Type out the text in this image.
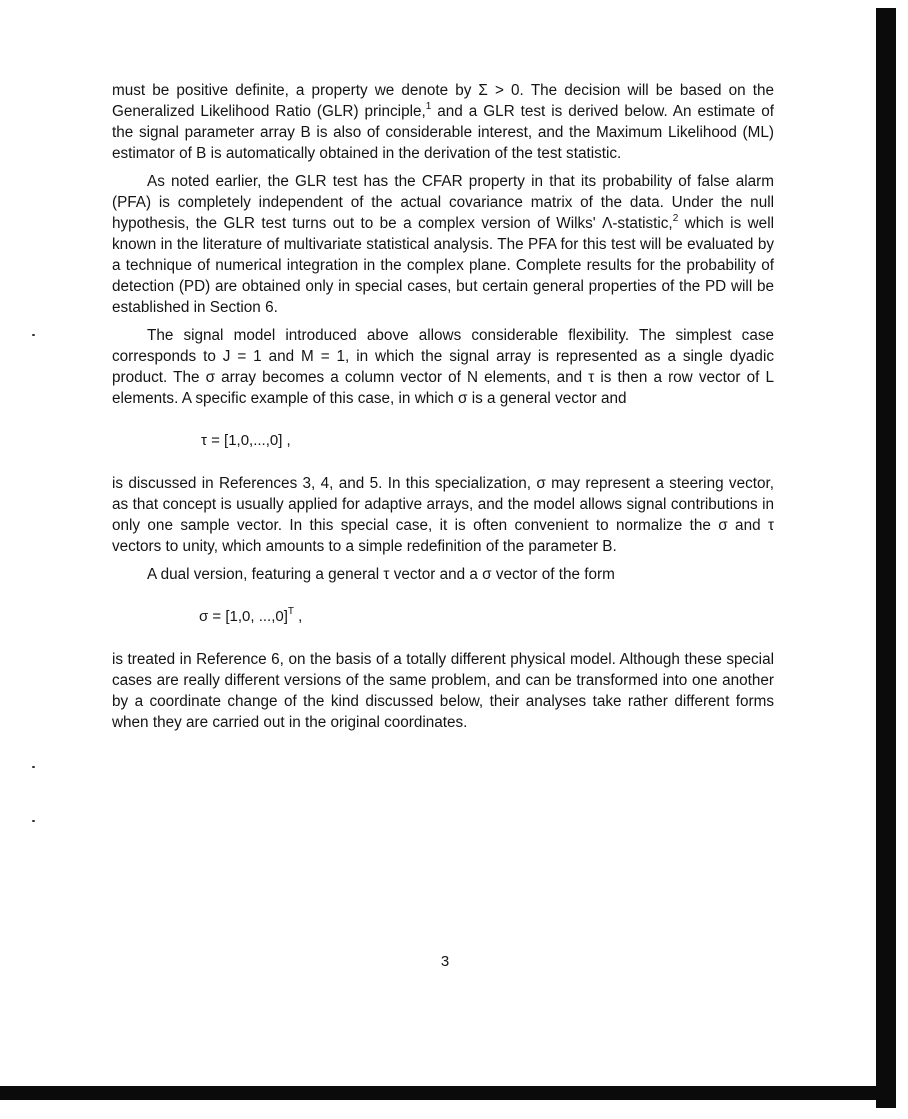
must be positive definite, a property we denote by Σ > 0. The decision will be based on the Generalized Likelihood Ratio (GLR) principle,$^1$ and a GLR test is derived below. An estimate of the signal parameter array B is also of considerable interest, and the Maximum Likelihood (ML) estimator of B is automatically obtained in the derivation of the test statistic.

As noted earlier, the GLR test has the CFAR property in that its probability of false alarm (PFA) is completely independent of the actual covariance matrix of the data. Under the null hypothesis, the GLR test turns out to be a complex version of Wilks' Λ-statistic,$^2$ which is well known in the literature of multivariate statistical analysis. The PFA for this test will be evaluated by a technique of numerical integration in the complex plane. Complete results for the probability of detection (PD) are obtained only in special cases, but certain general properties of the PD will be established in Section 6.

The signal model introduced above allows considerable flexibility. The simplest case corresponds to J = 1 and M = 1, in which the signal array is represented as a single dyadic product. The σ array becomes a column vector of N elements, and τ is then a row vector of L elements. A specific example of this case, in which σ is a general vector and

τ = [1,0,...,0] ,

is discussed in References 3, 4, and 5. In this specialization, σ may represent a steering vector, as that concept is usually applied for adaptive arrays, and the model allows signal contributions in only one sample vector. In this special case, it is often convenient to normalize the σ and τ vectors to unity, which amounts to a simple redefinition of the parameter B.

A dual version, featuring a general τ vector and a σ vector of the form

σ = [1,0, ...,0]$^T$ ,

is treated in Reference 6, on the basis of a totally different physical model. Although these special cases are really different versions of the same problem, and can be transformed into one another by a coordinate change of the kind discussed below, their analyses take rather different forms when they are carried out in the original coordinates.

3
